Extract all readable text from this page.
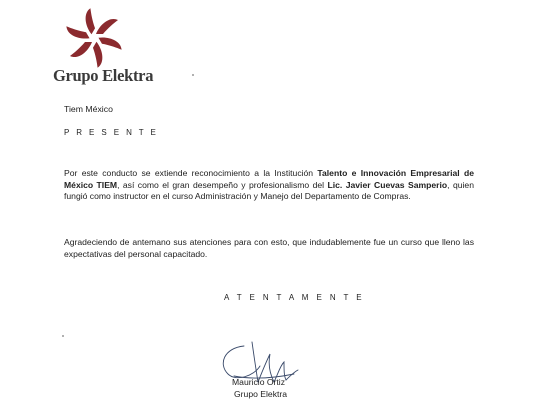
Grupo Elektra
Tiem México
P R E S E N T E
Por este conducto se extiende reconocimiento a la Institución Talento e Innovación Empresarial de México TIEM, así como el gran desempeño y profesionalismo del Lic. Javier Cuevas Samperio, quien fungió como instructor en el curso Administración y Manejo del Departamento de Compras.
Agradeciendo de antemano sus atenciones para con esto, que indudablemente fue un curso que lleno las expectativas del personal capacitado.
A T E N T A M E N T E
Mauricio Ortiz
Grupo Elektra
